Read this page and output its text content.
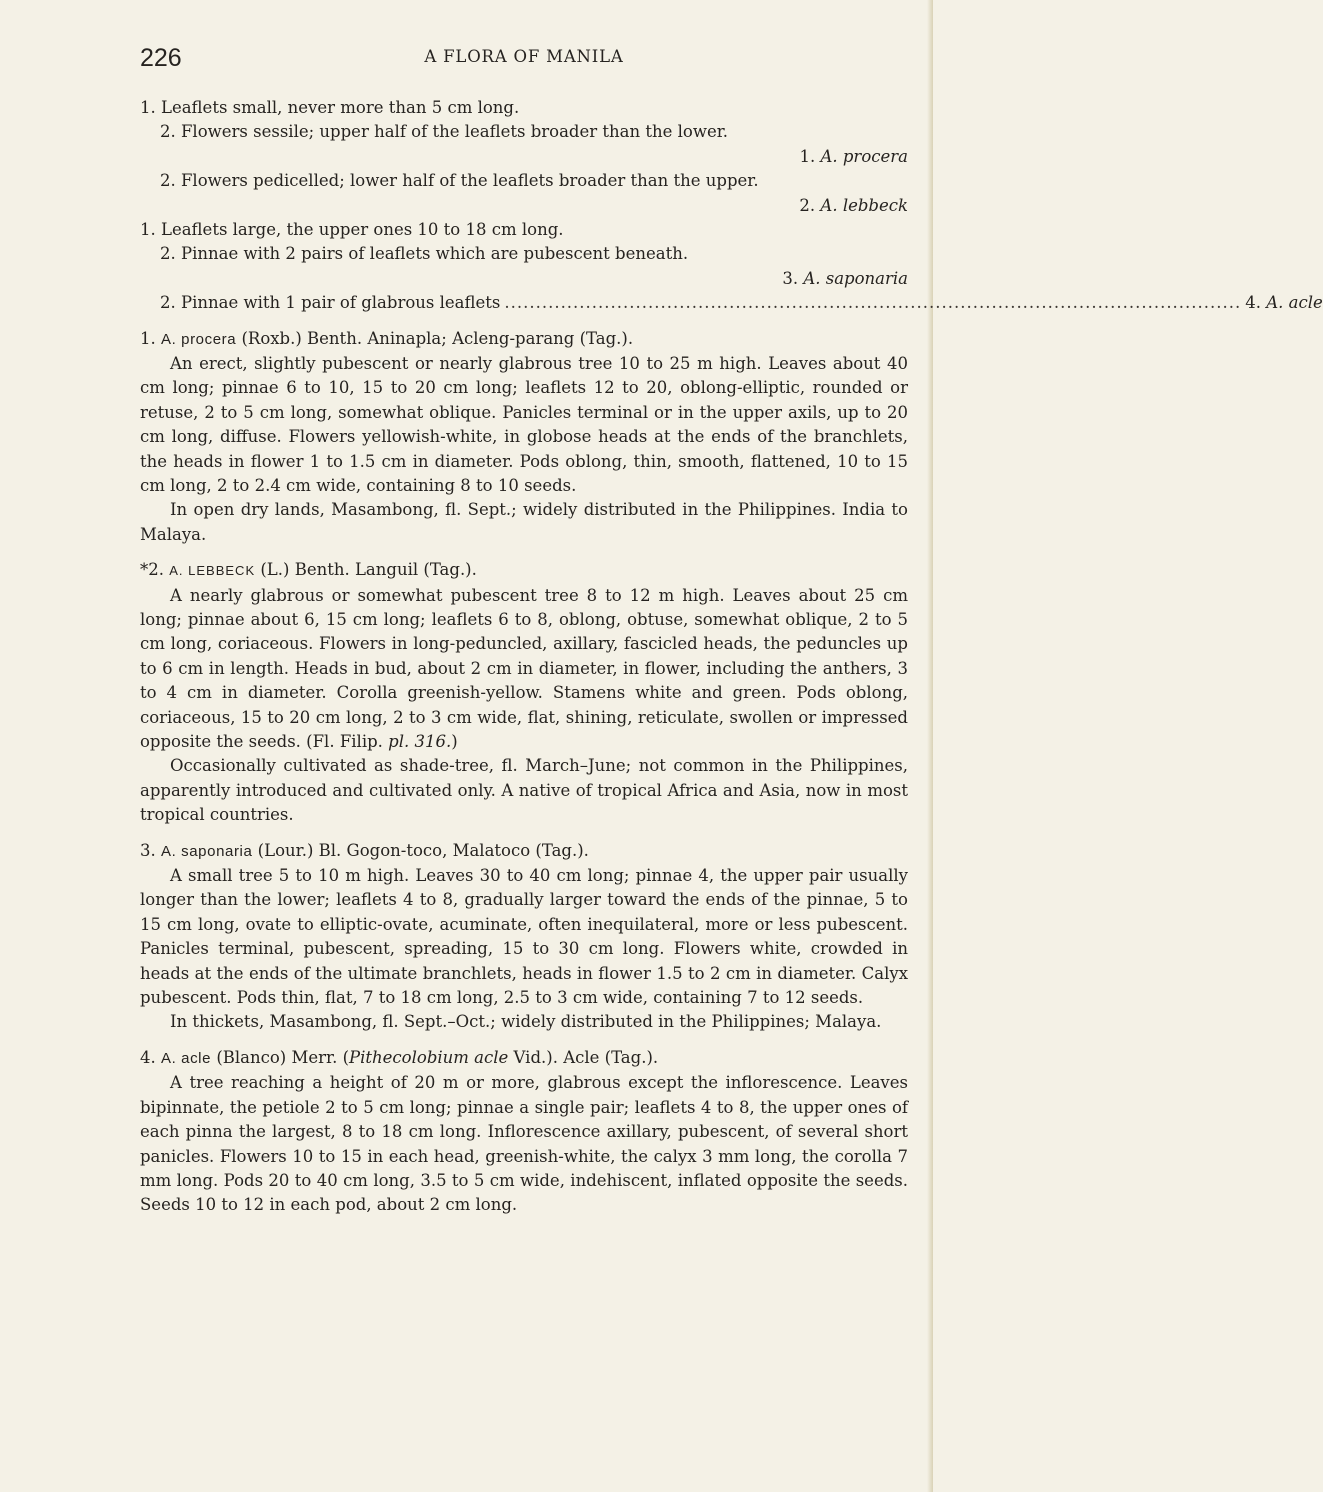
226	A FLORA OF MANILA
1. Leaflets small, never more than 5 cm long.
2. Flowers sessile; upper half of the leaflets broader than the lower.
1. A. procera
2. Flowers pedicelled; lower half of the leaflets broader than the upper.
2. A. lebbeck
1. Leaflets large, the upper ones 10 to 18 cm long.
2. Pinnae with 2 pairs of leaflets which are pubescent beneath.
3. A. saponaria
2. Pinnae with 1 pair of glabrous leaflets ...................................................................................................................... 4. A. acle
1. A. procera (Roxb.) Benth. Aninapla; Acleng-parang (Tag.).

An erect, slightly pubescent or nearly glabrous tree 10 to 25 m high. Leaves about 40 cm long; pinnae 6 to 10, 15 to 20 cm long; leaflets 12 to 20, oblong-elliptic, rounded or retuse, 2 to 5 cm long, somewhat oblique. Panicles terminal or in the upper axils, up to 20 cm long, diffuse. Flowers yellowish-white, in globose heads at the ends of the branchlets, the heads in flower 1 to 1.5 cm in diameter. Pods oblong, thin, smooth, flattened, 10 to 15 cm long, 2 to 2.4 cm wide, containing 8 to 10 seeds.

In open dry lands, Masambong, fl. Sept.; widely distributed in the Philippines. India to Malaya.

*2. A. LEBBECK (L.) Benth. Languil (Tag.).

A nearly glabrous or somewhat pubescent tree 8 to 12 m high. Leaves about 25 cm long; pinnae about 6, 15 cm long; leaflets 6 to 8, oblong, obtuse, somewhat oblique, 2 to 5 cm long, coriaceous. Flowers in long-peduncled, axillary, fascicled heads, the peduncles up to 6 cm in length. Heads in bud, about 2 cm in diameter, in flower, including the anthers, 3 to 4 cm in diameter. Corolla greenish-yellow. Stamens white and green. Pods oblong, coriaceous, 15 to 20 cm long, 2 to 3 cm wide, flat, shining, reticulate, swollen or impressed opposite the seeds. (Fl. Filip. pl. 316.)

Occasionally cultivated as shade-tree, fl. March–June; not common in the Philippines, apparently introduced and cultivated only. A native of tropical Africa and Asia, now in most tropical countries.

3. A. saponaria (Lour.) Bl. Gogon-toco, Malatoco (Tag.).

A small tree 5 to 10 m high. Leaves 30 to 40 cm long; pinnae 4, the upper pair usually longer than the lower; leaflets 4 to 8, gradually larger toward the ends of the pinnae, 5 to 15 cm long, ovate to elliptic-ovate, acuminate, often inequilateral, more or less pubescent. Panicles terminal, pubescent, spreading, 15 to 30 cm long. Flowers white, crowded in heads at the ends of the ultimate branchlets, heads in flower 1.5 to 2 cm in diameter. Calyx pubescent. Pods thin, flat, 7 to 18 cm long, 2.5 to 3 cm wide, containing 7 to 12 seeds.

In thickets, Masambong, fl. Sept.–Oct.; widely distributed in the Philippines; Malaya.

4. A. acle (Blanco) Merr. (Pithecolobium acle Vid.). Acle (Tag.).

A tree reaching a height of 20 m or more, glabrous except the inflorescence. Leaves bipinnate, the petiole 2 to 5 cm long; pinnae a single pair; leaflets 4 to 8, the upper ones of each pinna the largest, 8 to 18 cm long. Inflorescence axillary, pubescent, of several short panicles. Flowers 10 to 15 in each head, greenish-white, the calyx 3 mm long, the corolla 7 mm long. Pods 20 to 40 cm long, 3.5 to 5 cm wide, indehiscent, inflated opposite the seeds. Seeds 10 to 12 in each pod, about 2 cm long.
